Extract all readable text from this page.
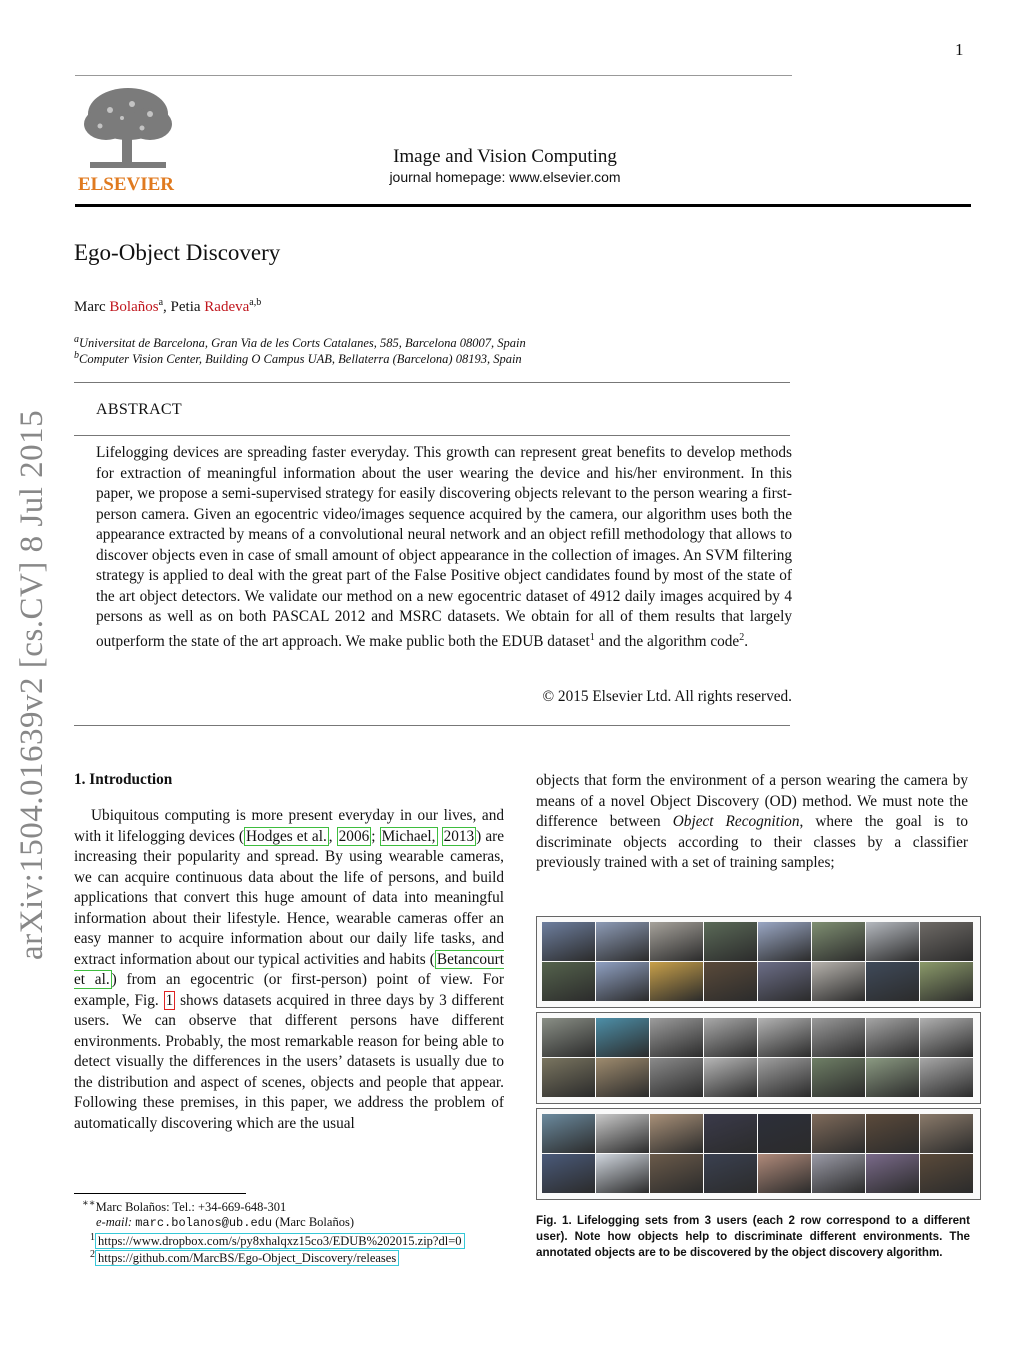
1
ELSEVIER
Image and Vision Computing
journal homepage: www.elsevier.com
arXiv:1504.01639v2 [cs.CV] 8 Jul 2015
Ego-Object Discovery
Marc Bolaños$^a$, Petia Radeva$^{a,b}$
$^a$Universitat de Barcelona, Gran Via de les Corts Catalanes, 585, Barcelona 08007, Spain
$^b$Computer Vision Center, Building O Campus UAB, Bellaterra (Barcelona) 08193, Spain
ABSTRACT
Lifelogging devices are spreading faster everyday. This growth can represent great benefits to develop methods for extraction of meaningful information about the user wearing the device and his/her environment. In this paper, we propose a semi-supervised strategy for easily discovering objects relevant to the person wearing a first-person camera. Given an egocentric video/images sequence acquired by the camera, our algorithm uses both the appearance extracted by means of a convolutional neural network and an object refill methodology that allows to discover objects even in case of small amount of object appearance in the collection of images. An SVM filtering strategy is applied to deal with the great part of the False Positive object candidates found by most of the state of the art object detectors. We validate our method on a new egocentric dataset of 4912 daily images acquired by 4 persons as well as on both PASCAL 2012 and MSRC datasets. We obtain for all of them results that largely outperform the state of the art approach. We make public both the EDUB dataset$^1$ and the algorithm code$^2$.
© 2015 Elsevier Ltd. All rights reserved.
1. Introduction
Ubiquitous computing is more present everyday in our lives, and with it lifelogging devices ( Hodges et al. , 2006 ; Michael, 2013 ) are increasing their popularity and spread. By using wearable cameras, we can acquire continuous data about the life of persons, and build applications that convert this huge amount of data into meaningful information about their lifestyle. Hence, wearable cameras offer an easy manner to acquire information about our daily life tasks, and extract information about our typical activities and habits ( Betancourt et al. ) from an egocentric (or first-person) point of view. For example, Fig. 1 shows datasets acquired in three days by 3 different users. We can observe that different persons have different environments. Probably, the most remarkable reason for being able to detect visually the differences in the users’ datasets is usually due to the distribution and aspect of scenes, objects and people that appear. Following these premises, in this paper, we address the problem of automatically discovering which are the usual
objects that form the environment of a person wearing the camera by means of a novel Object Discovery (OD) method. We must note the difference between Object Recognition, where the goal is to discriminate objects according to their classes by a classifier previously trained with a set of training samples;
Fig. 1. Lifelogging sets from 3 users (each 2 row correspond to a different user). Note how objects help to discriminate different environments. The annotated objects are to be discovered by the object discovery algorithm.
∗∗Marc Bolaños: Tel.: +34-669-648-301
e-mail: marc.bolanos@ub.edu (Marc Bolaños)
$^1$ https://www.dropbox.com/s/py8xhalqxz15co3/EDUB%202015.zip?dl=0
$^2$ https://github.com/MarcBS/Ego-Object_Discovery/releases
